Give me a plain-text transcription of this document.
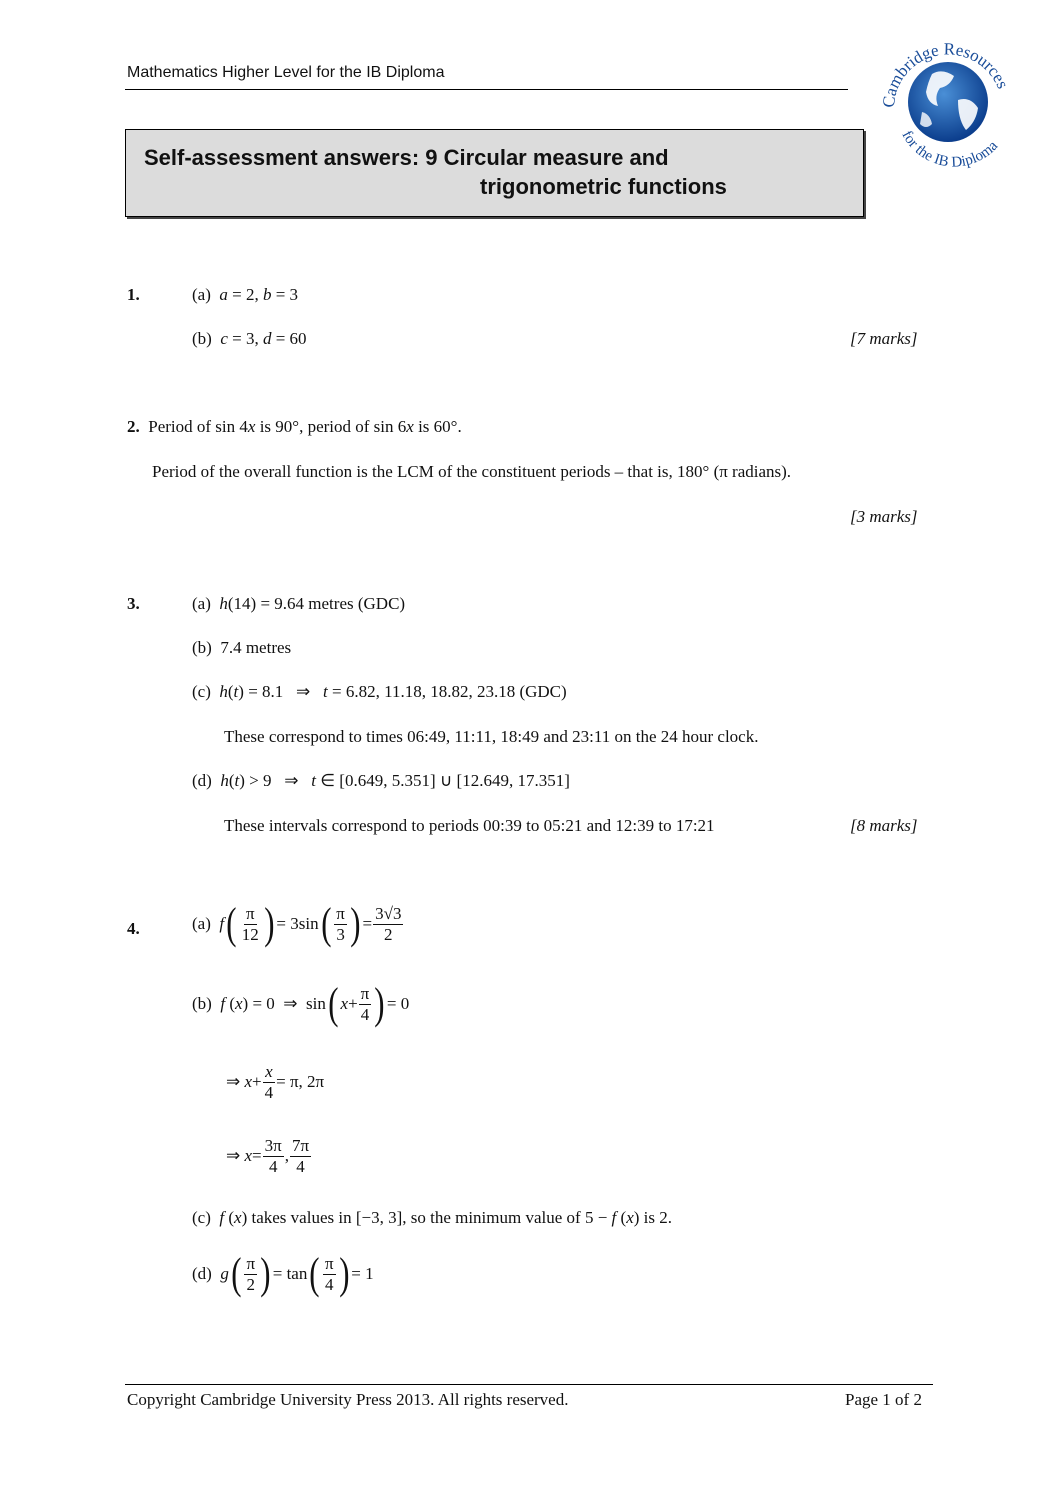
Mathematics Higher Level for the IB Diploma
Cambridge Resources
for the IB Diploma
Self-assessment answers: 9 Circular measure and
trigonometric functions
1.	(a) a = 2, b = 3
(b) c = 3, d = 60	[7 marks]
2.  Period of sin 4x is 90°, period of sin 6x is 60°.
Period of the overall function is the LCM of the constituent periods – that is, 180° (π radians).
[3 marks]
3.	(a) h(14) = 9.64 metres (GDC)
(b) 7.4 metres
(c) h(t) = 8.1   ⇒   t = 6.82, 11.18, 18.82, 23.18 (GDC)
These correspond to times 06:49, 11:11, 18:49 and 23:11 on the 24 hour clock.
(d) h(t) > 9   ⇒   t ∈ [0.649, 5.351] ∪ [12.649, 17.351]
These intervals correspond to periods 00:39 to 05:21 and 12:39 to 17:21	[8 marks]
4.	(a)
f ( $\frac{\pi}{12}$ ) = 3sin ( $\frac{\pi}{3}$ ) = $\frac{3√3}{2}$
(b)
f ( x ) = 0  ⇒  sin ( $x + \frac{\pi}{4}$ ) = 0
⇒ $x + \frac{x}{4} = \pi$, 2π
⇒ $x = \frac{3\pi}{4}$ , $\frac{7\pi}{4}$
(c) f (x) takes values in [−3, 3], so the minimum value of 5 − f (x) is 2.
(d)
g ( $\frac{\pi}{2}$ ) = tan ( $\frac{\pi}{4}$ ) = 1
Copyright Cambridge University Press 2013. All rights reserved.	Page 1 of 2
